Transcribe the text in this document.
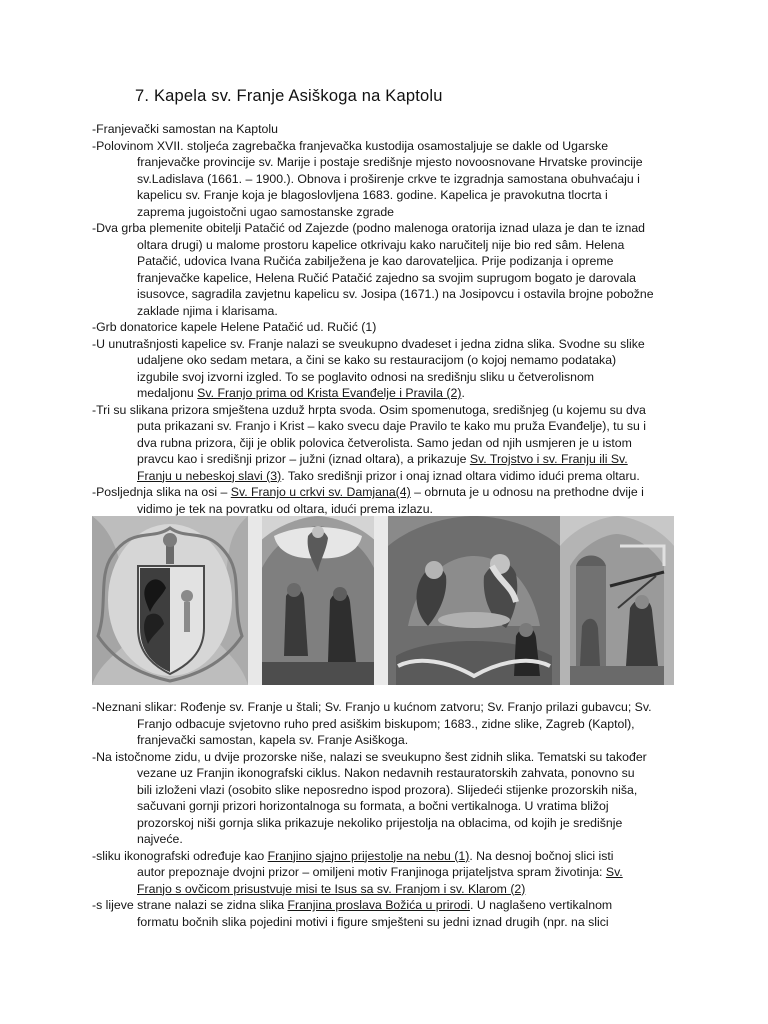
7. Kapela sv. Franje Asiškoga na Kaptolu
-Franjevački samostan na Kaptolu
-Polovinom XVII. stoljeća zagrebačka franjevačka kustodija osamostaljuje se dakle od Ugarske
franjevačke provincije sv. Marije i postaje središnje mjesto novoosnovane Hrvatske provincije
sv.Ladislava (1661. – 1900.). Obnova i proširenje crkve te izgradnja samostana obuhvaćaju i
kapelicu sv. Franje koja je blagoslovljena 1683. godine. Kapelica je pravokutna tlocrta i
zaprema jugoistočni ugao samostanske zgrade
-Dva grba plemenite obitelji Patačić od Zajezde (podno malenoga oratorija iznad ulaza je dan te iznad
oltara drugi) u malome prostoru kapelice otkrivaju kako naručitelj nije bio red sâm. Helena
Patačić, udovica Ivana Ručića zabilježena je kao darovateljica. Prije podizanja i opreme
franjevačke kapelice, Helena Ručić Patačić zajedno sa svojim suprugom bogato je darovala
isusovce, sagradila zavjetnu kapelicu sv. Josipa (1671.) na Josipovcu i ostavila brojne pobožne
zaklade njima i klarisama.
-Grb donatorice kapele Helene Patačić ud. Ručić (1)
-U unutrašnjosti kapelice sv. Franje nalazi se sveukupno dvadeset i jedna zidna slika. Svodne su slike
udaljene oko sedam metara, a čini se kako su restauracijom (o kojoj nemamo podataka)
izgubile svoj izvorni izgled. To se poglavito odnosi na središnju sliku u četverolisnom
medaljonu Sv. Franjo prima od Krista Evanđelje i Pravila (2).
-Tri su slikana prizora smještena uzduž hrpta svoda. Osim spomenutoga, središnjeg (u kojemu su dva
puta prikazani sv. Franjo i Krist – kako svecu daje Pravilo te kako mu pruža Evanđelje), tu su i
dva rubna prizora, čiji je oblik polovica četverolista. Samo jedan od njih usmjeren je u istom
pravcu kao i središnji prizor – južni (iznad oltara), a prikazuje Sv. Trojstvo i sv. Franju ili Sv.
Franju u nebeskoj slavi (3). Tako središnji prizor i onaj iznad oltara vidimo idući prema oltaru.
-Posljednja slika na osi – Sv. Franjo u crkvi sv. Damjana(4) – obrnuta je u odnosu na prethodne dvije i
vidimo je tek na povratku od oltara, idući prema izlazu.
-Neznani slikar: Rođenje sv. Franje u štali; Sv. Franjo u kućnom zatvoru; Sv. Franjo prilazi gubavcu; Sv.
Franjo odbacuje svjetovno ruho pred asiškim biskupom; 1683., zidne slike, Zagreb (Kaptol),
franjevački samostan, kapela sv. Franje Asiškoga.
-Na istočnome zidu, u dvije prozorske niše, nalazi se sveukupno šest zidnih slika. Tematski su također
vezane uz Franjin ikonografski ciklus. Nakon nedavnih restauratorskih zahvata, ponovno su
bili izloženi vlazi (osobito slike neposredno ispod prozora). Slijedeći stijenke prozorskih niša,
sačuvani gornji prizori horizontalnoga su formata, a bočni vertikalnoga. U vratima bližoj
prozorskoj niši gornja slika prikazuje nekoliko prijestolja na oblacima, od kojih je središnje
najveće.
-sliku ikonografski određuje kao Franjino sjajno prijestolje na nebu (1). Na desnoj bočnoj slici isti
autor prepoznaje dvojni prizor – omiljeni motiv Franjinoga prijateljstva spram životinja: Sv.
Franjo s ovčicom prisustvuje misi te Isus sa sv. Franjom i sv. Klarom (2)
-s lijeve strane nalazi se zidna slika Franjina proslava Božića u prirodi. U naglašeno vertikalnom
formatu bočnih slika pojedini motivi i figure smješteni su jedni iznad drugih (npr. na slici
